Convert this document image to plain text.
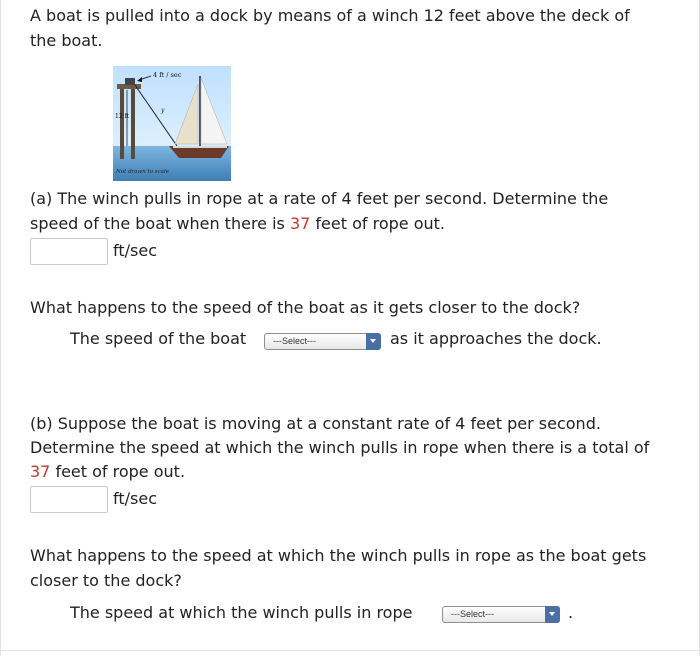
A boat is pulled into a dock by means of a winch 12 feet above the deck of
the boat.
12 ft
y
4 ft / sec
Not drawn to scale
(a) The winch pulls in rope at a rate of 4 feet per second. Determine the
speed of the boat when there is 37 feet of rope out.
ft/sec
What happens to the speed of the boat as it gets closer to the dock?
The speed of the boat	---Select---	as it approaches the dock.
(b) Suppose the boat is moving at a constant rate of 4 feet per second.
Determine the speed at which the winch pulls in rope when there is a total of
37 feet of rope out.
ft/sec
What happens to the speed at which the winch pulls in rope as the boat gets
closer to the dock?
The speed at which the winch pulls in rope	---Select---	.
